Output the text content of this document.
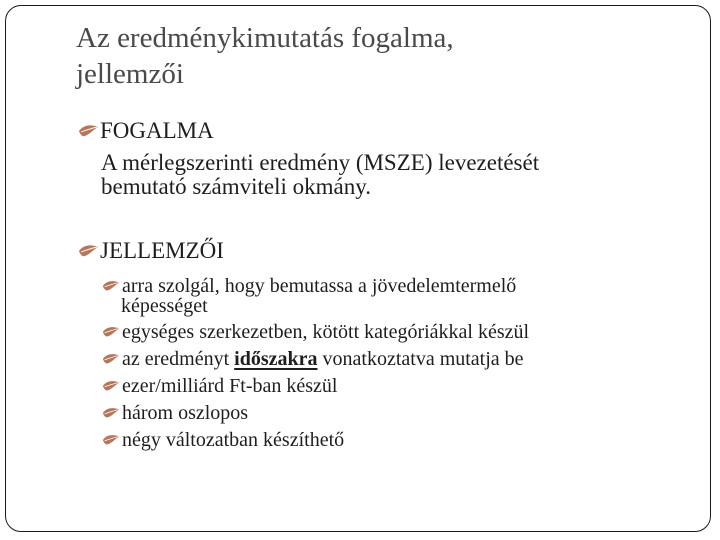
Az eredménykimutatás fogalma,
jellemzői
FOGALMA
A mérlegszerinti eredmény (MSZE) levezetését
bemutató számviteli okmány.
JELLEMZŐI
arra szolgál, hogy bemutassa a jövedelemtermelő
képességet
egységes szerkezetben, kötött kategóriákkal készül
az eredményt időszakra vonatkoztatva mutatja be
ezer/milliárd Ft-ban készül
három oszlopos
négy változatban készíthető
